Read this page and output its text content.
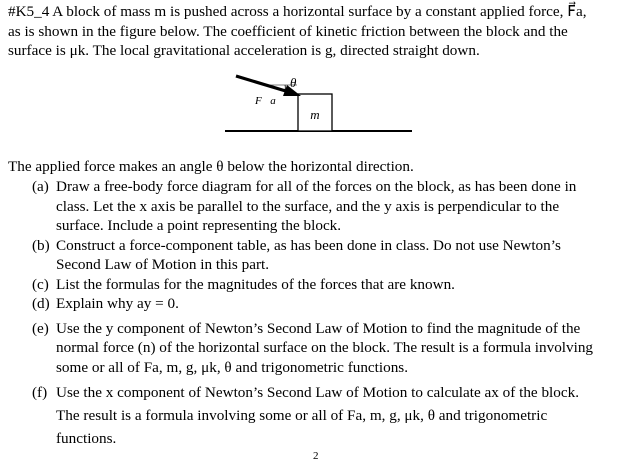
#K5_4 A block of mass m is pushed across a horizontal surface by a constant applied force, F⃗a,
as is shown in the figure below. The coefficient of kinetic friction between the block and the
surface is μk. The local gravitational acceleration is g, directed straight down.

m
θ
F⃗a

The applied force makes an angle θ below the horizontal direction.

(a) Draw a free-body force diagram for all of the forces on the block, as has been done in
class. Let the x axis be parallel to the surface, and the y axis is perpendicular to the
surface. Include a point representing the block.
(b) Construct a force-component table, as has been done in class. Do not use Newton’s
Second Law of Motion in this part.
(c) List the formulas for the magnitudes of the forces that are known.
(d) Explain why ay = 0.
(e) Use the y component of Newton’s Second Law of Motion to find the magnitude of the
normal force (n) of the horizontal surface on the block. The result is a formula involving
some or all of Fa, m, g, μk, θ and trigonometric functions.
(f) Use the x component of Newton’s Second Law of Motion to calculate ax of the block.
The result is a formula involving some or all of Fa, m, g, μk, θ and trigonometric
functions.
2
